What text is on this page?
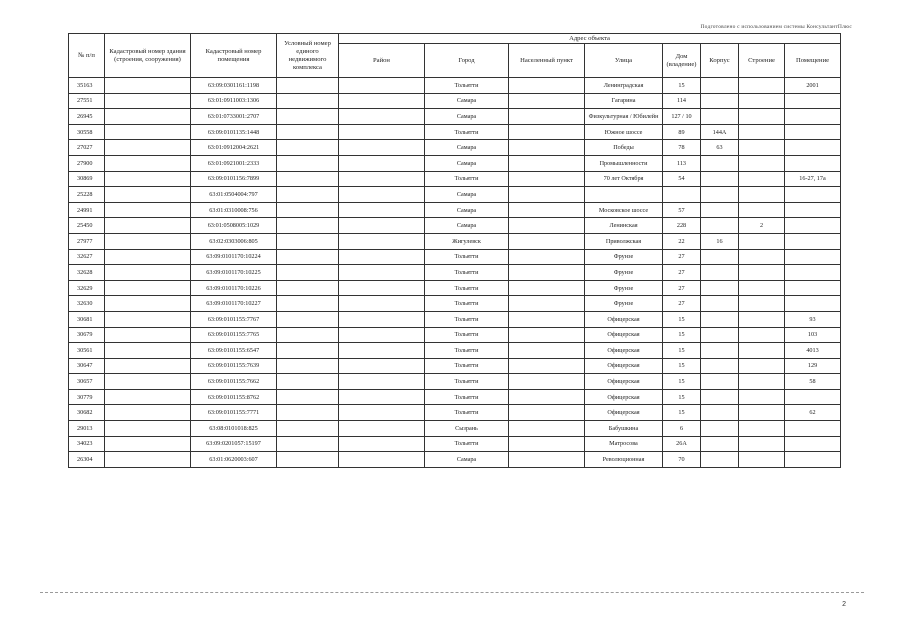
Подготовлено с использованием системы КонсультантПлюс
№ п/п	Кадастровый номер здания (строения, сооружения)	Кадастровый номер помещения	Условный номер единого недвижимого комплекса	Адрес объекта							
				Район	Город	Населенный пункт	Улица	Дом (владение)	Корпус	Строение	Помещение
35163		63:09:0301161:1198			Тольятти		Ленинградская	15			2001
27551		63:01:0911003:1306			Самара		Гагарина	114			
26945		63:01:0733001:2707			Самара		Физкультурная / Юбилейн	127 / 10			
30558		63:09:0101135:1448			Тольятти		Южное шоссе	89	144А		
27027		63:01:0912004:2621			Самара		Победы	78	63		
27900		63:01:0921001:2333			Самара		Промышленности	113			
30869		63:09:0101156:7899			Тольятти		70 лет Октября	54			16-27, 17а
25228		63:01:0504004:797			Самара						
24991		63:01:0310008:756			Самара		Московское шоссе	57			
25450		63:01:0508005:1029			Самара		Ленинская	228		2	
27977		63:02:0303006:805			Жигулевск		Приволжская	22	16		
32627		63:09:0101170:10224			Тольятти		Фрунзе	27			
32628		63:09:0101170:10225			Тольятти		Фрунзе	27			
32629		63:09:0101170:10226			Тольятти		Фрунзе	27			
32630		63:09:0101170:10227			Тольятти		Фрунзе	27			
30681		63:09:0101155:7767			Тольятти		Офицерская	15			93
30679		63:09:0101155:7765			Тольятти		Офицерская	15			103
30561		63:09:0101155:6547			Тольятти		Офицерская	15			4013
30647		63:09:0101155:7639			Тольятти		Офицерская	15			129
30657		63:09:0101155:7662			Тольятти		Офицерская	15			58
30779		63:09:0101155:8762			Тольятти		Офицерская	15			
30682		63:09:0101155:7771			Тольятти		Офицерская	15			62
29013		63:08:0101018:825			Сызрань		Бабушкина	6			
34023		63:09:0201057:15197			Тольятти		Матросова	26А			
26304		63:01:0620003:607			Самара		Революционная	70			
2
